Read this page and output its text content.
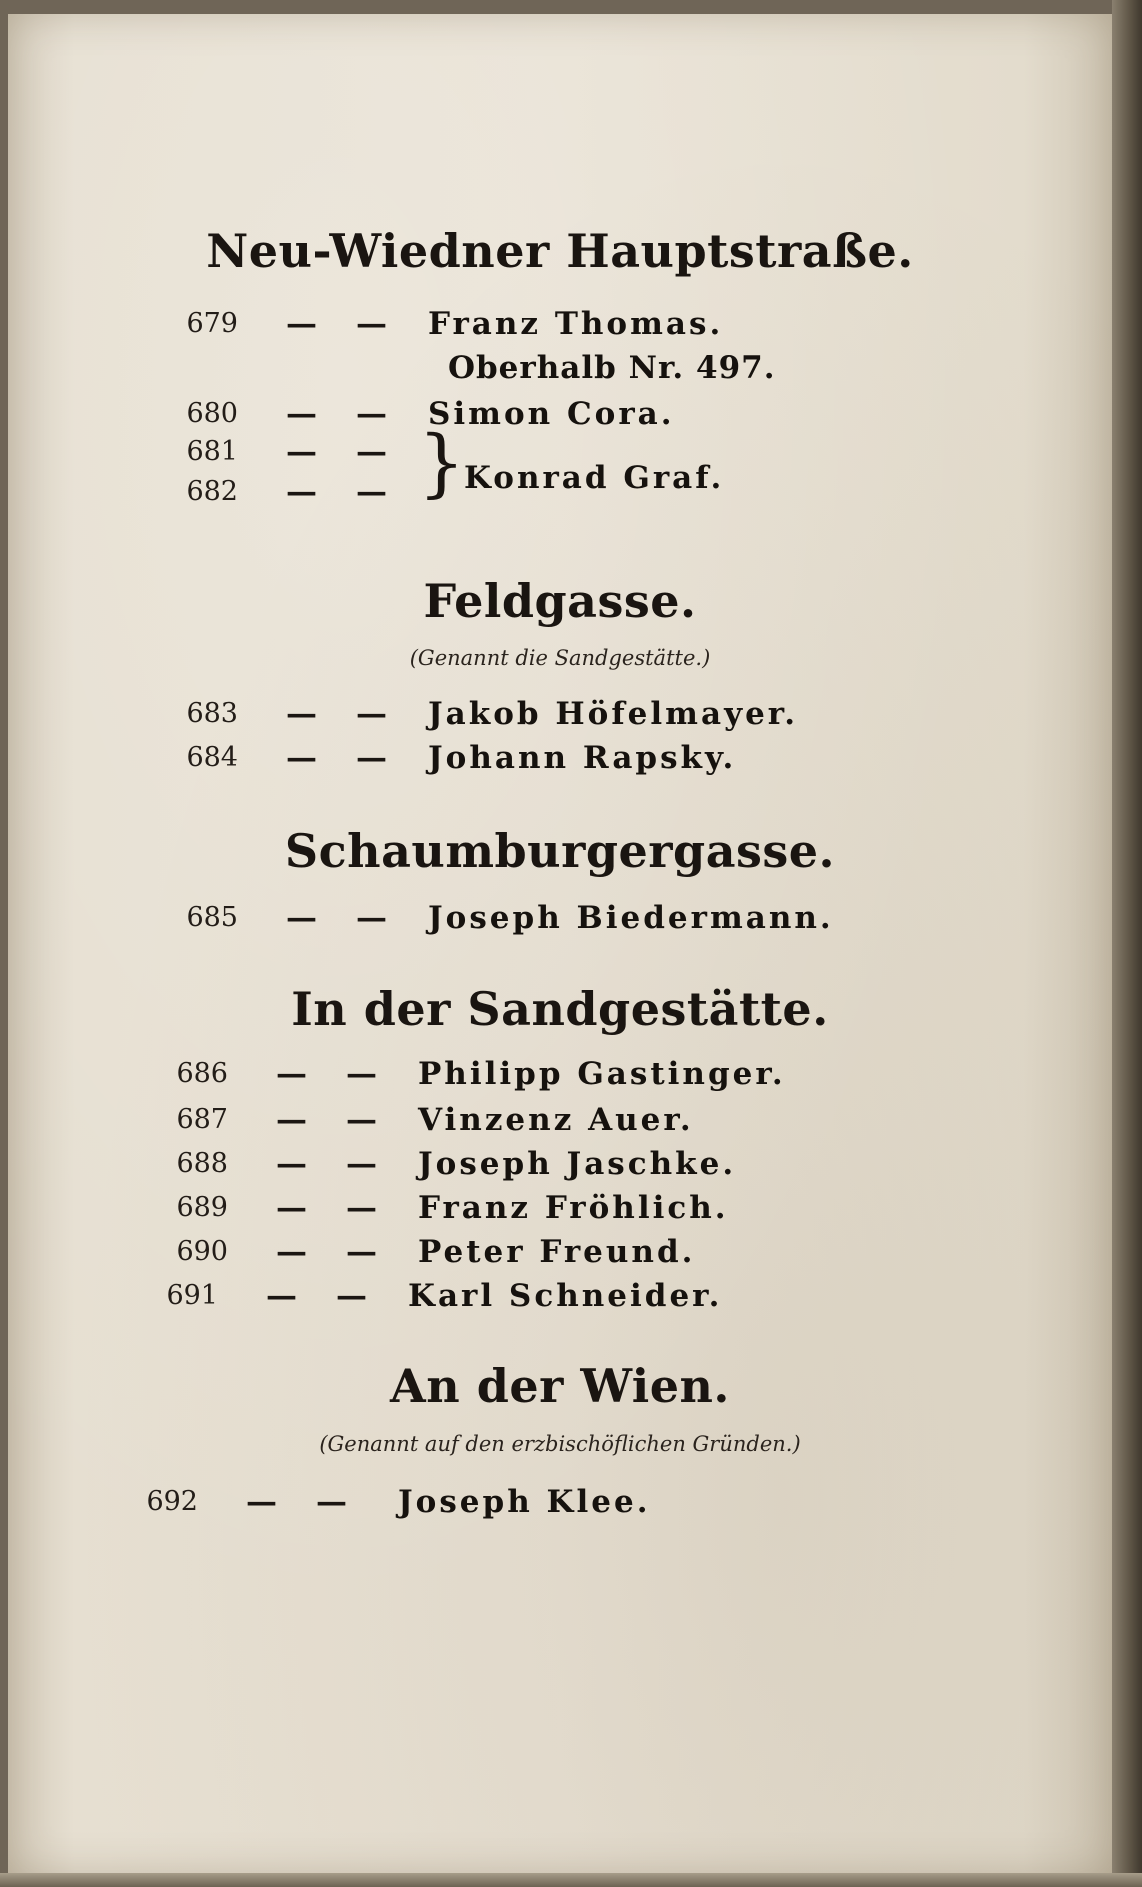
Neu-Wiedner Hauptstraße.
679 — — Franz Thomas.
Oberhalb Nr. 497.
680 — — Simon Cora.
681 — —
682 — — }
Konrad Graf.
Feldgasse.
(Genannt die Sandgestätte.)
683 — — Jakob Höfelmayer.
684 — — Johann Rapsky.
Schaumburgergasse.
685 — — Joseph Biedermann.
In der Sandgestätte.
686 — — Philipp Gastinger.
687 — — Vinzenz Auer.
688 — — Joseph Jaschke.
689 — — Franz Fröhlich.
690 — — Peter Freund.
691 — — Karl Schneider.
An der Wien.
(Genannt auf den erzbischöflichen Gründen.)
692 — — Joseph Klee.
